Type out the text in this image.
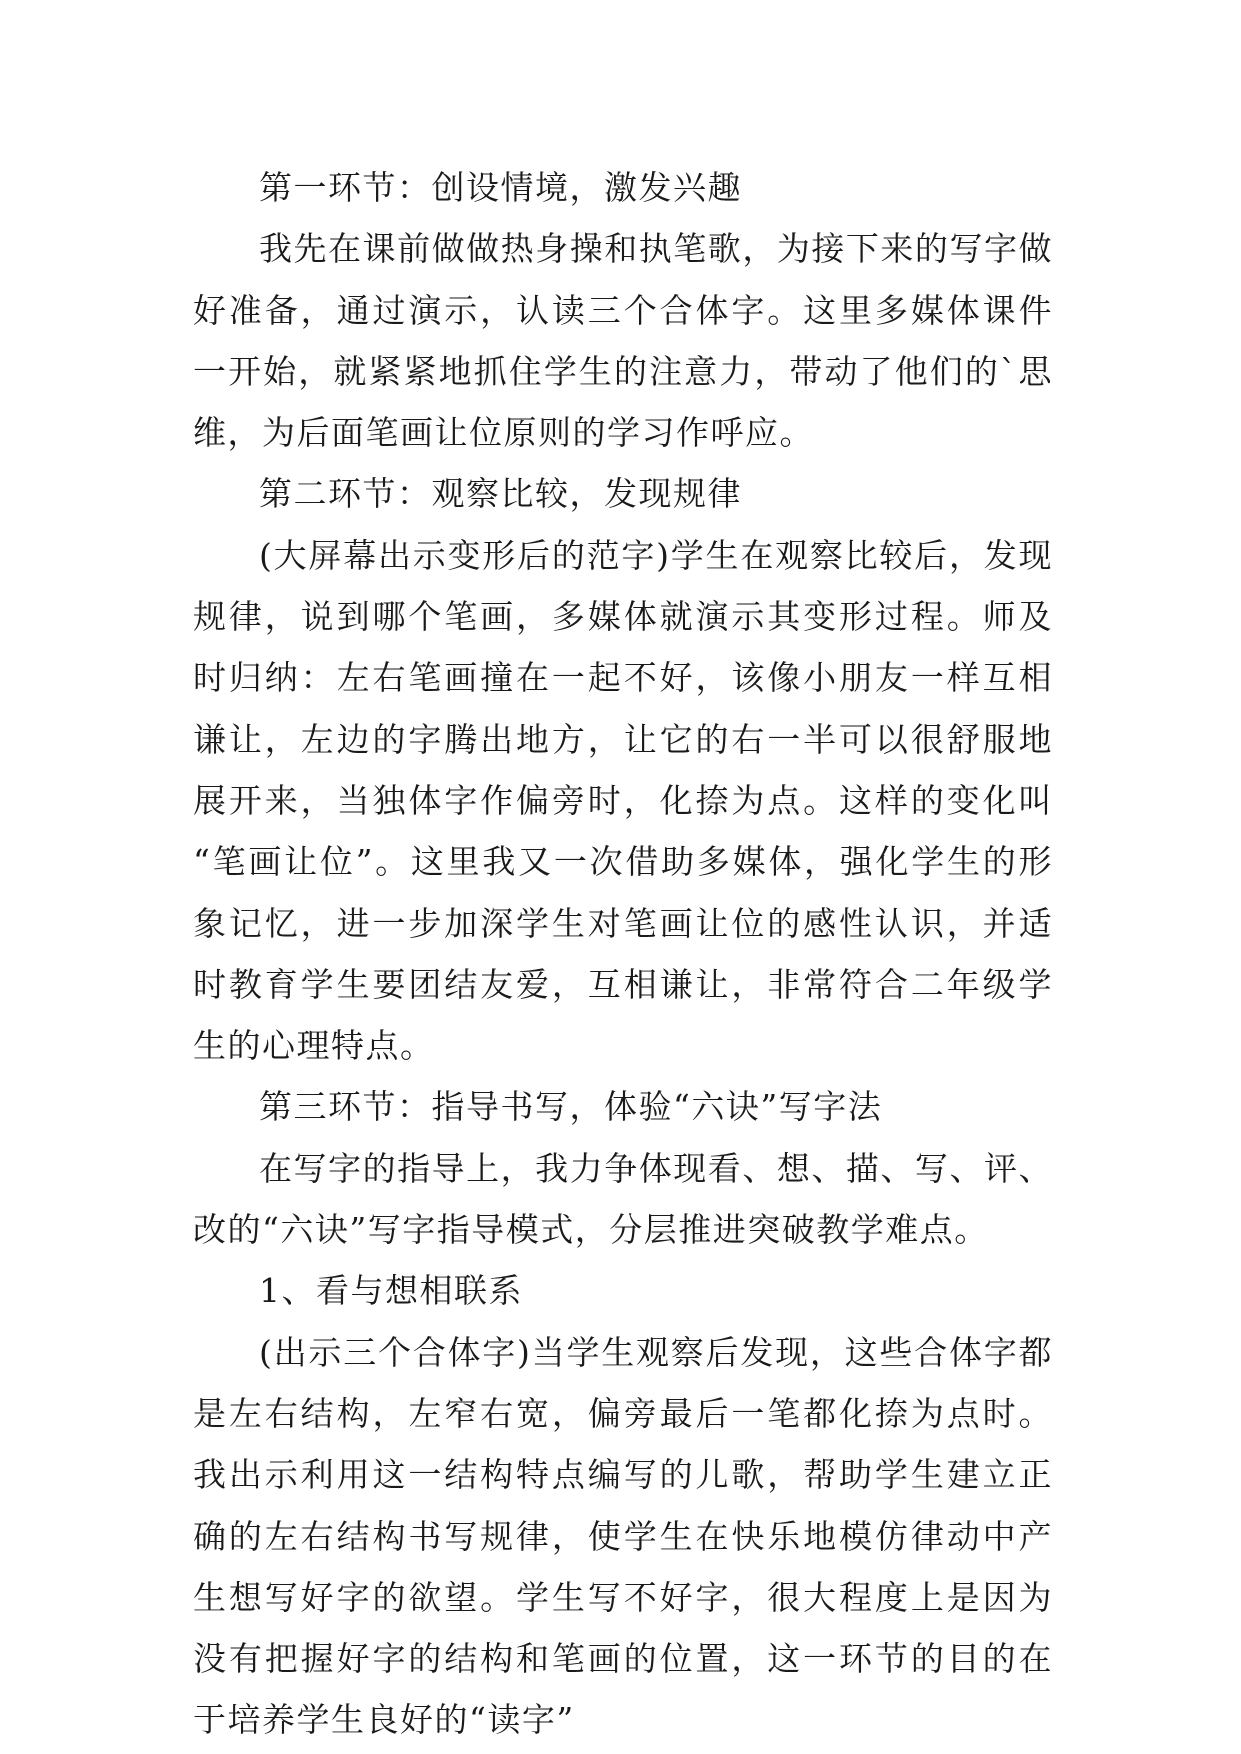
第一环节：创设情境，激发兴趣

我先在课前做做热身操和执笔歌，为接下来的写字做好准备，通过演示，认读三个合体字。这里多媒体课件一开始，就紧紧地抓住学生的注意力，带动了他们的`思维，为后面笔画让位原则的学习作呼应。

第二环节：观察比较，发现规律

(大屏幕出示变形后的范字)学生在观察比较后，发现规律，说到哪个笔画，多媒体就演示其变形过程。师及时归纳：左右笔画撞在一起不好，该像小朋友一样互相谦让，左边的字腾出地方，让它的右一半可以很舒服地展开来，当独体字作偏旁时，化捺为点。这样的变化叫 “笔画让位”。这里我又一次借助多媒体，强化学生的形象记忆，进一步加深学生对笔画让位的感性认识，并适时教育学生要团结友爱，互相谦让，非常符合二年级学生的心理特点。

第三环节：指导书写，体验“六诀”写字法

在写字的指导上，我力争体现看、想、描、写、评、改的“六诀”写字指导模式，分层推进突破教学难点。

1、看与想相联系

(出示三个合体字)当学生观察后发现，这些合体字都是左右结构，左窄右宽，偏旁最后一笔都化捺为点时。我出示利用这一结构特点编写的儿歌，帮助学生建立正确的左右结构书写规律，使学生在快乐地模仿律动中产生想写好字的欲望。学生写不好字，很大程度上是因为没有把握好字的结构和笔画的位置，这一环节的目的在于培养学生良好的“读字”
